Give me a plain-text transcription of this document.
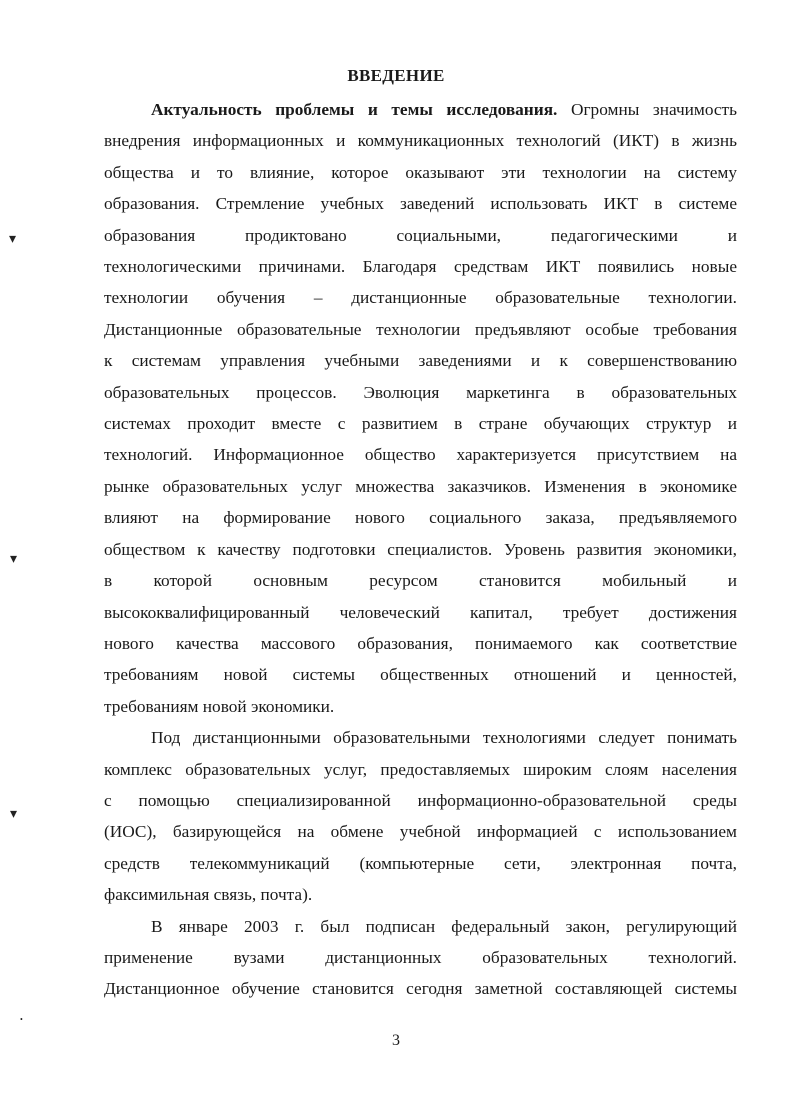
ВВЕДЕНИЕ
Актуальность проблемы и темы исследования. Огромны значимость
внедрения информационных и коммуникационных технологий (ИКТ) в жизнь
общества и то влияние, которое оказывают эти технологии на систему
образования. Стремление учебных заведений использовать ИКТ в системе
образования продиктовано социальными, педагогическими и
технологическими причинами. Благодаря средствам ИКТ появились новые
технологии обучения – дистанционные образовательные технологии.
Дистанционные образовательные технологии предъявляют особые требования
к системам управления учебными заведениями и к совершенствованию
образовательных процессов. Эволюция маркетинга в образовательных
системах проходит вместе с развитием в стране обучающих структур и
технологий. Информационное общество характеризуется присутствием на
рынке образовательных услуг множества заказчиков. Изменения в экономике
влияют на формирование нового социального заказа, предъявляемого
обществом к качеству подготовки специалистов. Уровень развития экономики,
в которой основным ресурсом становится мобильный и
высококвалифицированный человеческий капитал, требует достижения
нового качества массового образования, понимаемого как соответствие
требованиям новой системы общественных отношений и ценностей,
требованиям новой экономики.
Под дистанционными образовательными технологиями следует понимать
комплекс образовательных услуг, предоставляемых широким слоям населения
с помощью специализированной информационно-образовательной среды
(ИОС), базирующейся на обмене учебной информацией с использованием
средств телекоммуникаций (компьютерные сети, электронная почта,
факсимильная связь, почта).
В январе 2003 г. был подписан федеральный закон, регулирующий
применение вузами дистанционных образовательных технологий.
Дистанционное обучение становится сегодня заметной составляющей системы
3
▾
▾
▾
•
